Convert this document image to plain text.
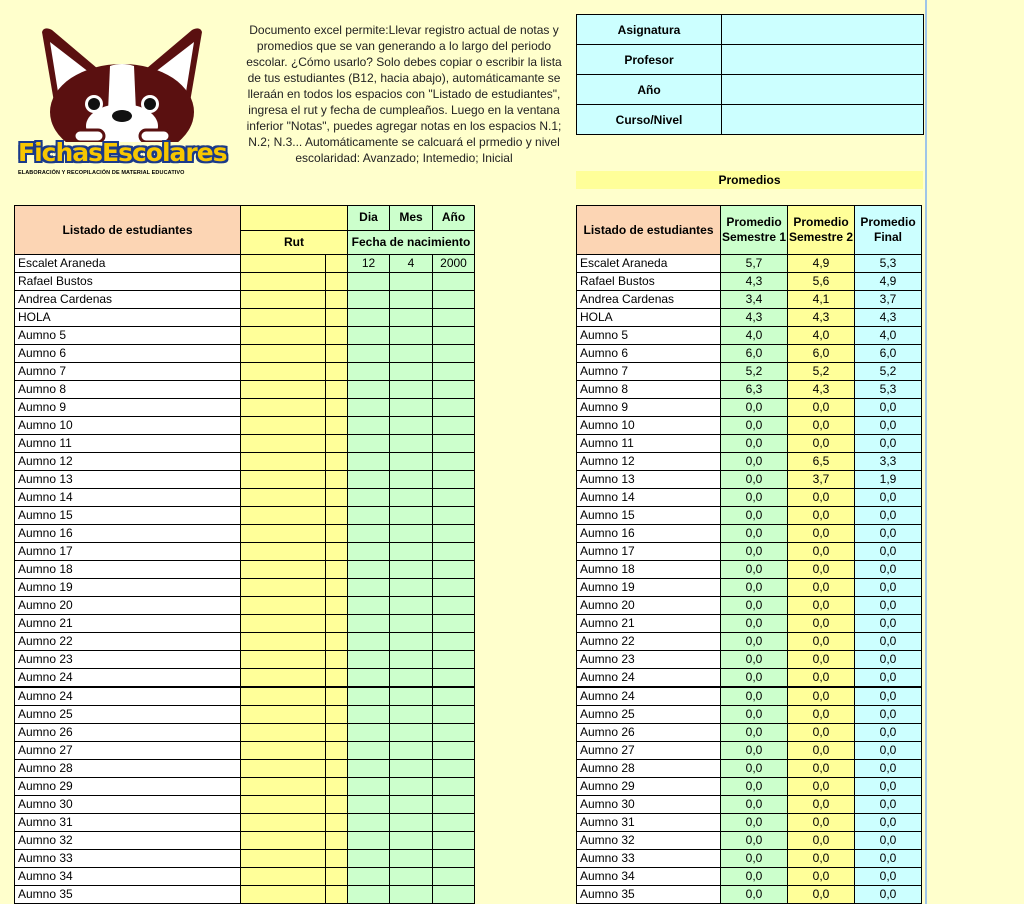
FichasEscolares
ELABORACIÓN Y RECOPILACIÓN DE MATERIAL EDUCATIVO
Documento excel permite:Llevar registro actual de notas y promedios que se van generando a lo largo del periodo escolar. ¿Cómo usarlo? Solo debes copiar o escribir la lista de tus estudiantes (B12, hacia abajo), automáticamante se lleraán en todos los espacios con "Listado de estudiantes", ingresa el rut y fecha de cumpleaños. Luego en la ventana inferior "Notas", puedes agregar notas en los espacios N.1; N.2; N.3... Automáticamente se calcuará el prmedio y nivel escolaridad: Avanzado; Intemedio; Inicial
Asignatura	
Profesor	
Año	
Curso/Nivel	
Promedios
Listado de estudiantes			Dia	Mes	Año
	Rut		Fecha de nacimiento		
Escalet Araneda			12	4	2000
Rafael Bustos					
Andrea Cardenas					
HOLA					
Aumno 5					
Aumno 6					
Aumno 7					
Aumno 8					
Aumno 9					
Aumno 10					
Aumno 11					
Aumno 12					
Aumno 13					
Aumno 14					
Aumno 15					
Aumno 16					
Aumno 17					
Aumno 18					
Aumno 19					
Aumno 20					
Aumno 21					
Aumno 22					
Aumno 23					
Aumno 24					
Aumno 24					
Aumno 25					
Aumno 26					
Aumno 27					
Aumno 28					
Aumno 29					
Aumno 30					
Aumno 31					
Aumno 32					
Aumno 33					
Aumno 34					
Aumno 35					
Listado de estudiantes	Promedio Semestre 1	Promedio Semestre 2	Promedio Final
Escalet Araneda	5,7	4,9	5,3
Rafael Bustos	4,3	5,6	4,9
Andrea Cardenas	3,4	4,1	3,7
HOLA	4,3	4,3	4,3
Aumno 5	4,0	4,0	4,0
Aumno 6	6,0	6,0	6,0
Aumno 7	5,2	5,2	5,2
Aumno 8	6,3	4,3	5,3
Aumno 9	0,0	0,0	0,0
Aumno 10	0,0	0,0	0,0
Aumno 11	0,0	0,0	0,0
Aumno 12	0,0	6,5	3,3
Aumno 13	0,0	3,7	1,9
Aumno 14	0,0	0,0	0,0
Aumno 15	0,0	0,0	0,0
Aumno 16	0,0	0,0	0,0
Aumno 17	0,0	0,0	0,0
Aumno 18	0,0	0,0	0,0
Aumno 19	0,0	0,0	0,0
Aumno 20	0,0	0,0	0,0
Aumno 21	0,0	0,0	0,0
Aumno 22	0,0	0,0	0,0
Aumno 23	0,0	0,0	0,0
Aumno 24	0,0	0,0	0,0
Aumno 24	0,0	0,0	0,0
Aumno 25	0,0	0,0	0,0
Aumno 26	0,0	0,0	0,0
Aumno 27	0,0	0,0	0,0
Aumno 28	0,0	0,0	0,0
Aumno 29	0,0	0,0	0,0
Aumno 30	0,0	0,0	0,0
Aumno 31	0,0	0,0	0,0
Aumno 32	0,0	0,0	0,0
Aumno 33	0,0	0,0	0,0
Aumno 34	0,0	0,0	0,0
Aumno 35	0,0	0,0	0,0
